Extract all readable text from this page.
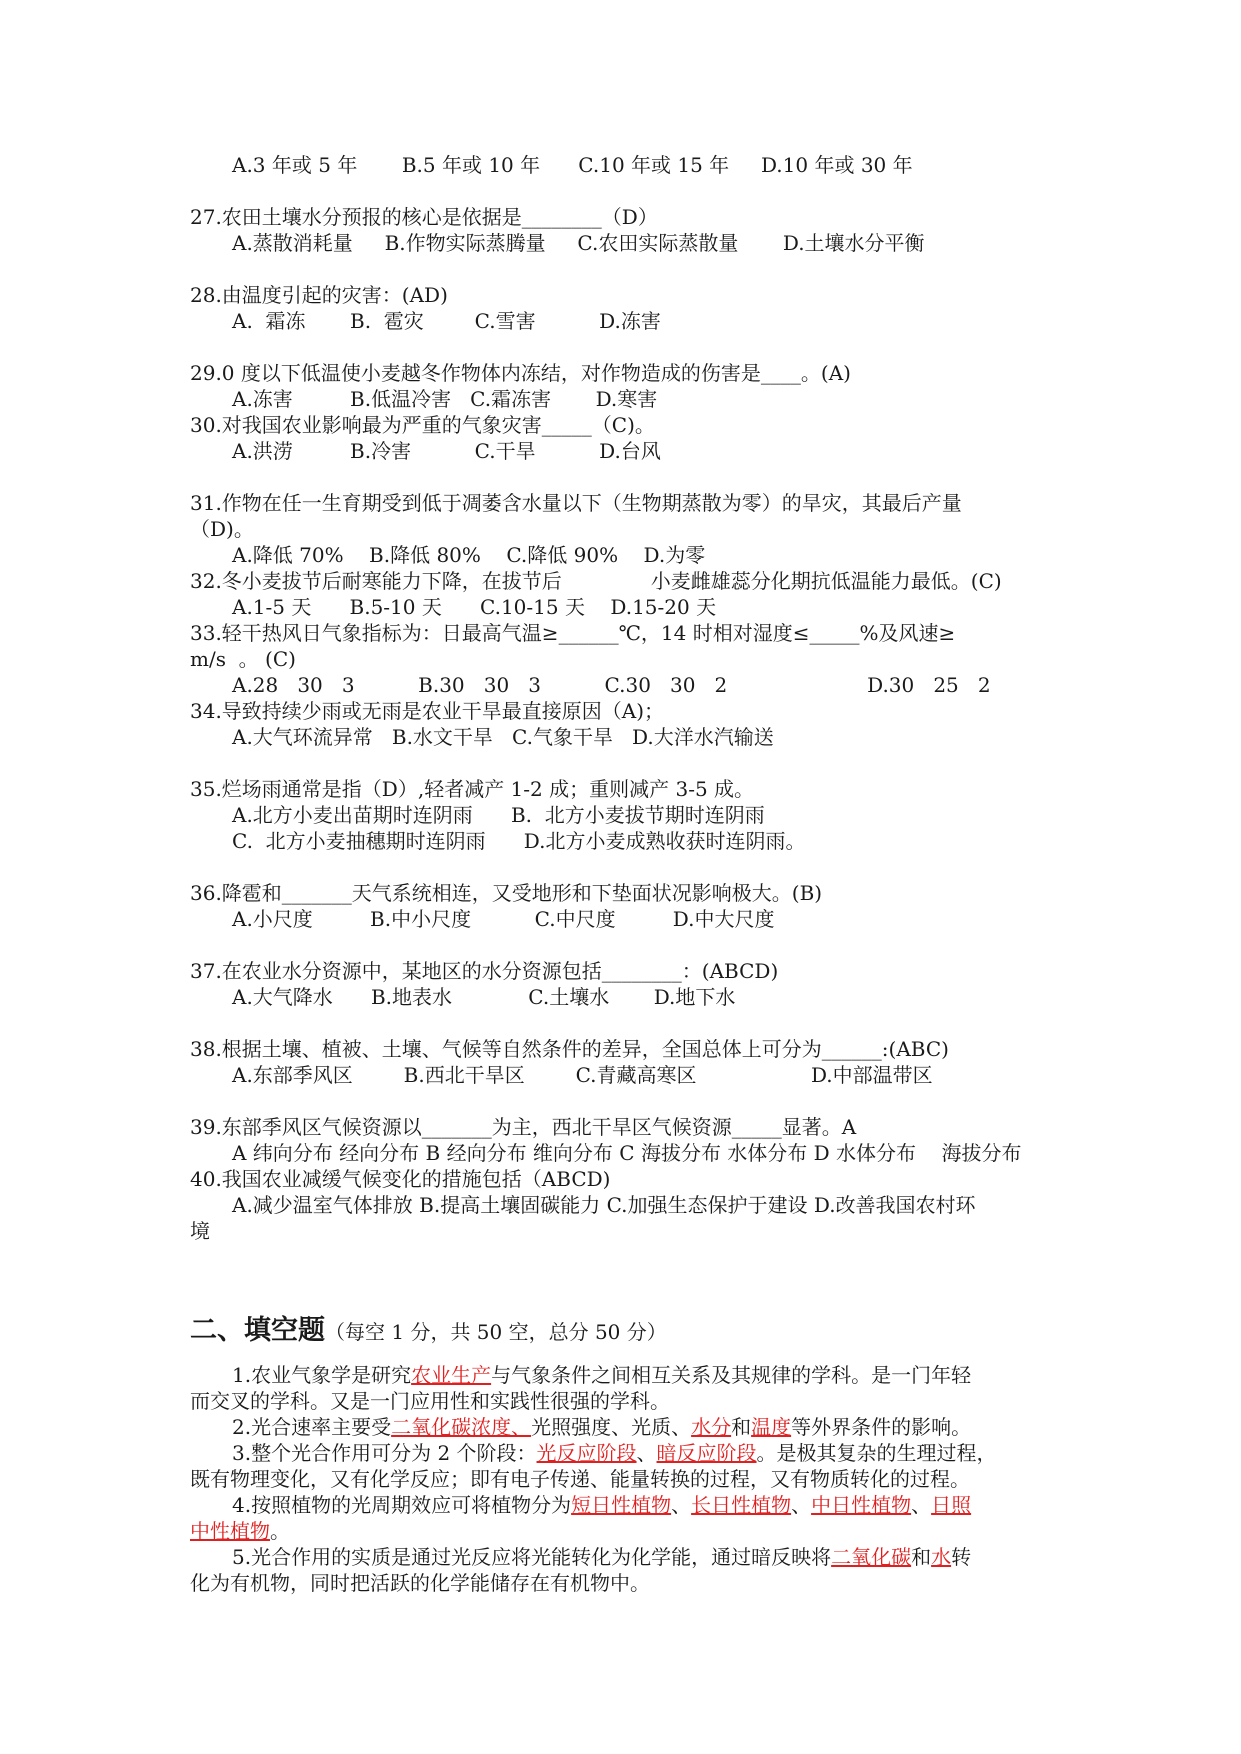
A.3 年或 5 年       B.5 年或 10 年      C.10 年或 15 年     D.10 年或 30 年
27.农田土壤水分预报的核心是依据是________（D）
A.蒸散消耗量     B.作物实际蒸腾量     C.农田实际蒸散量       D.土壤水分平衡
28.由温度引起的灾害：(AD)
A.  霜冻       B.  雹灾        C.雪害          D.冻害
29.0 度以下低温使小麦越冬作物体内冻结，对作物造成的伤害是____。(A)
A.冻害         B.低温冷害   C.霜冻害       D.寒害
30.对我国农业影响最为严重的气象灾害_____（C)。
A.洪涝         B.冷害          C.干旱          D.台风
31.作物在任一生育期受到低于凋萎含水量以下（生物期蒸散为零）的旱灾，其最后产量
（D)。
A.降低 70%    B.降低 80%    C.降低 90%    D.为零
32.冬小麦拔节后耐寒能力下降，在拔节后              小麦雌雄蕊分化期抗低温能力最低。(C)
A.1-5 天      B.5-10 天      C.10-15 天    D.15-20 天
33.轻干热风日气象指标为：日最高气温≥______℃，14 时相对湿度≤_____%及风速≥
m/s  。 (C)
A.28   30   3          B.30   30   3          C.30   30   2                      D.30   25   2
34.导致持续少雨或无雨是农业干旱最直接原因（A)；
A.大气环流异常   B.水文干旱   C.气象干旱   D.大洋水汽输送
35.烂场雨通常是指（D）,轻者减产 1-2 成；重则减产 3-5 成。
A.北方小麦出苗期时连阴雨      B.  北方小麦拔节期时连阴雨
C.  北方小麦抽穗期时连阴雨      D.北方小麦成熟收获时连阴雨。
36.降雹和_______天气系统相连，又受地形和下垫面状况影响极大。(B)
A.小尺度         B.中小尺度          C.中尺度         D.中大尺度
37.在农业水分资源中，某地区的水分资源包括________：(ABCD)
A.大气降水      B.地表水            C.土壤水       D.地下水
38.根据土壤、植被、土壤、气候等自然条件的差异，全国总体上可分为______:(ABC)
A.东部季风区        B.西北干旱区        C.青藏高寒区                  D.中部温带区
39.东部季风区气候资源以_______为主，西北干旱区气候资源_____显著。A
A 纬向分布 经向分布 B 经向分布 维向分布 C 海拔分布 水体分布 D 水体分布    海拔分布
40.我国农业减缓气候变化的措施包括（ABCD)
A.减少温室气体排放 B.提高土壤固碳能力 C.加强生态保护于建设 D.改善我国农村环
境
二、填空题（每空 1 分，共 50 空，总分 50 分）
1.农业气象学是研究农业生产与气象条件之间相互关系及其规律的学科。是一门年轻
而交叉的学科。又是一门应用性和实践性很强的学科。
2.光合速率主要受二氧化碳浓度、光照强度、光质、水分和温度等外界条件的影响。
3.整个光合作用可分为 2 个阶段：光反应阶段、暗反应阶段。是极其复杂的生理过程，
既有物理变化，又有化学反应；即有电子传递、能量转换的过程，又有物质转化的过程。
4.按照植物的光周期效应可将植物分为短日性植物、长日性植物、中日性植物、日照
中性植物。
5.光合作用的实质是通过光反应将光能转化为化学能，通过暗反映将二氧化碳和水转
化为有机物，同时把活跃的化学能储存在有机物中。
